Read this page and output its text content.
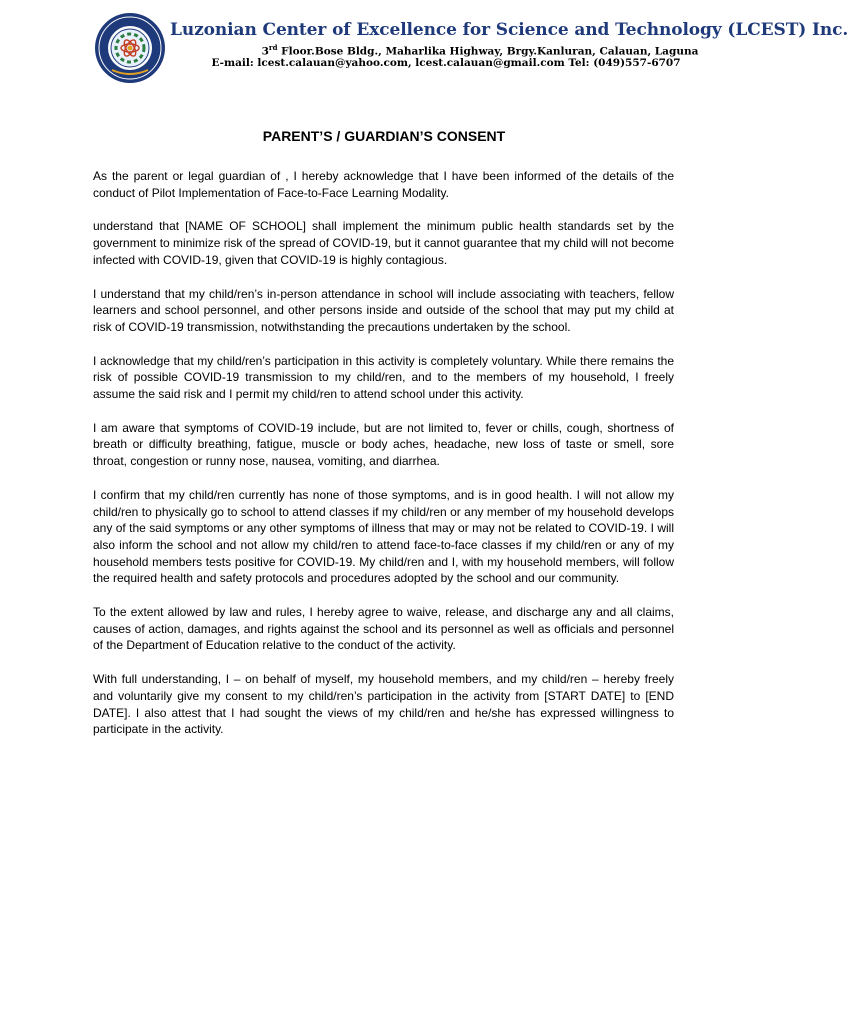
Luzonian Center of Excellence for Science and Technology (LCEST) Inc.
3rd Floor.Bose Bldg., Maharlika Highway, Brgy.Kanluran, Calauan, Laguna
E-mail: lcest.calauan@yahoo.com, lcest.calauan@gmail.com Tel: (049)557-6707
PARENT’S / GUARDIAN’S CONSENT

As the parent or legal guardian of , I hereby acknowledge that I have been informed of the details of the conduct of Pilot Implementation of Face-to-Face Learning Modality.

understand that [NAME OF SCHOOL] shall implement the minimum public health standards set by the government to minimize risk of the spread of COVID-19, but it cannot guarantee that my child will not become infected with COVID-19, given that COVID-19 is highly contagious.

I understand that my child/ren’s in-person attendance in school will include associating with teachers, fellow learners and school personnel, and other persons inside and outside of the school that may put my child at risk of COVID-19 transmission, notwithstanding the precautions undertaken by the school.

I acknowledge that my child/ren’s participation in this activity is completely voluntary. While there remains the risk of possible COVID-19 transmission to my child/ren, and to the members of my household, I freely assume the said risk and I permit my child/ren to attend school under this activity.

I am aware that symptoms of COVID-19 include, but are not limited to, fever or chills, cough, shortness of breath or difficulty breathing, fatigue, muscle or body aches, headache, new loss of taste or smell, sore throat, congestion or runny nose, nausea, vomiting, and diarrhea.

I confirm that my child/ren currently has none of those symptoms, and is in good health. I will not allow my child/ren to physically go to school to attend classes if my child/ren or any member of my household develops any of the said symptoms or any other symptoms of illness that may or may not be related to COVID-19. I will also inform the school and not allow my child/ren to attend face-to-face classes if my child/ren or any of my household members tests positive for COVID-19. My child/ren and I, with my household members, will follow the required health and safety protocols and procedures adopted by the school and our community.

To the extent allowed by law and rules, I hereby agree to waive, release, and discharge any and all claims, causes of action, damages, and rights against the school and its personnel as well as officials and personnel of the Department of Education relative to the conduct of the activity.

With full understanding, I – on behalf of myself, my household members, and my child/ren – hereby freely and voluntarily give my consent to my child/ren’s participation in the activity from [START DATE] to [END DATE]. I also attest that I had sought the views of my child/ren and he/she has expressed willingness to participate in the activity.
